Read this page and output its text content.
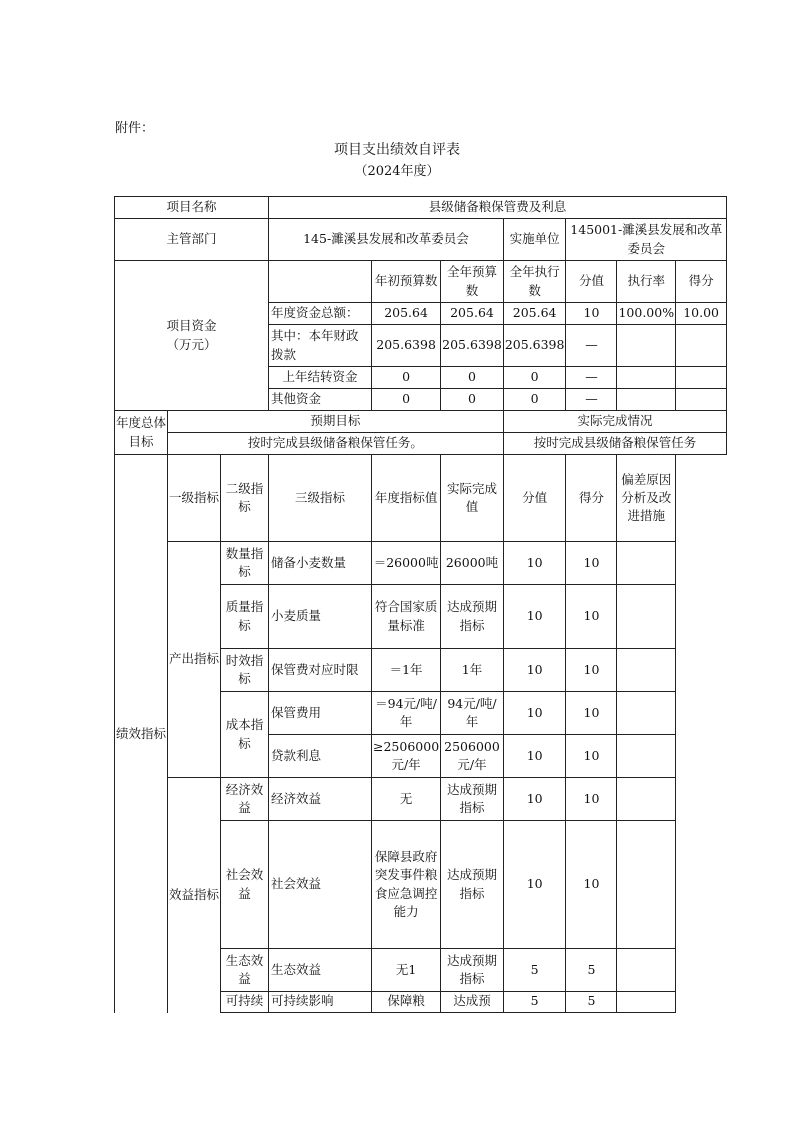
附件：
项目支出绩效自评表
（2024年度）
项目名称			县级储备粮保管费及利息						
主管部门			145-濉溪县发展和改革委员会			实施单位	145001-濉溪县发展和改革委员会		

项目资金
（万元）				年初预算数	全年预算数	全年执行数	分值	执行率	得分
			年度资金总额：	205.64	205.64	205.64	10	100.00%	10.00
			其中：本年财政拨款	205.6398	205.6398	205.6398	—		
			上年结转资金	0	0	0	—		
			其他资金	0	0	0	—		
年度总体目标	预期目标					实际完成情况			
	按时完成县级储备粮保管任务。					按时完成县级储备粮保管任务			
绩效指标	一级指标	二级指标	三级指标	年度指标值	实际完成值	分值	得分	偏差原因分析及改进措施	
	产出指标	数量指标	储备小麦数量	＝26000吨	26000吨	10	10		
		质量指标	小麦质量	符合国家质量标准	达成预期指标	10	10		
		时效指标	保管费对应时限	＝1年	1年	10	10		
		成本指标	保管费用	＝94元/吨/年	94元/吨/年	10	10		
			贷款利息	≥2506000元/年	2506000元/年	10	10		
	效益指标	经济效益	经济效益	无	达成预期指标	10	10		
		社会效益	社会效益	保障县政府突发事件粮食应急调控能力	达成预期指标	10	10		
		生态效益	生态效益	无1	达成预期指标	5	5		
		可持续	可持续影响	保障粮	达成预	5	5		
